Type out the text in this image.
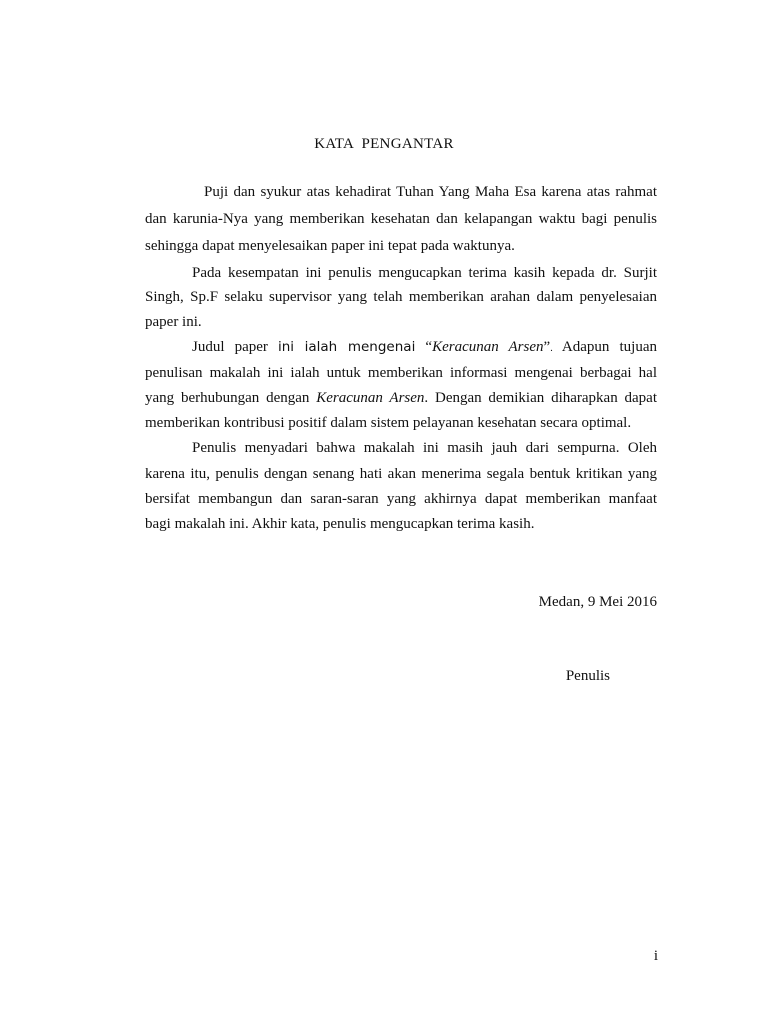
KATA  PENGANTAR
Puji dan syukur atas kehadirat Tuhan Yang Maha Esa karena atas rahmat
dan karunia-Nya yang memberikan kesehatan dan kelapangan waktu bagi penulis
sehingga dapat menyelesaikan paper ini tepat pada waktunya.
Pada kesempatan ini penulis mengucapkan terima kasih kepada dr. Surjit
Singh, Sp.F selaku supervisor yang telah memberikan arahan dalam penyelesaian
paper ini.
Judul paper ini ialah mengenai “Keracunan Arsen”. Adapun tujuan
penulisan makalah ini ialah untuk memberikan informasi mengenai berbagai hal
yang berhubungan dengan Keracunan Arsen. Dengan demikian diharapkan dapat
memberikan kontribusi positif dalam sistem pelayanan kesehatan secara optimal.
Penulis menyadari bahwa makalah ini masih jauh dari sempurna. Oleh
karena itu, penulis dengan senang hati akan menerima segala bentuk kritikan yang
bersifat membangun dan saran-saran yang akhirnya dapat memberikan manfaat
bagi makalah ini. Akhir kata, penulis mengucapkan terima kasih.
Medan, 9 Mei 2016
Penulis
i
